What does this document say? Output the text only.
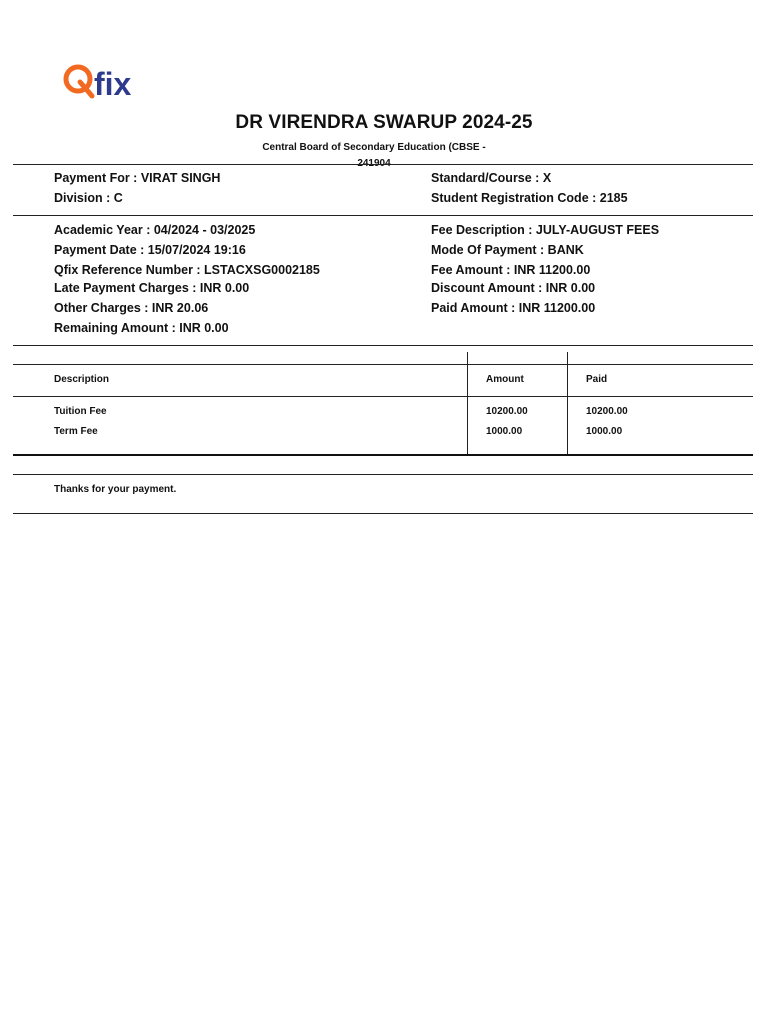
fix
DR VIRENDRA SWARUP 2024-25
Central Board of Secondary Education (CBSE -
Payment For : VIRAT SINGH
Division : C
Standard/Course : X
Student Registration Code : 2185
Academic Year : 04/2024 - 03/2025
Payment Date : 15/07/2024 19:16
Qfix Reference Number : LSTACXSG0002185
Late Payment Charges : INR 0.00
Other Charges : INR 20.06
Remaining Amount : INR 0.00
Fee Description : JULY-AUGUST FEES
Mode Of Payment : BANK
Fee Amount : INR 11200.00
Discount Amount : INR 0.00
Paid Amount : INR 11200.00
Description	Amount	Paid
Tuition Fee	10200.00	10200.00
Term Fee	1000.00	1000.00
Thanks for your payment.
